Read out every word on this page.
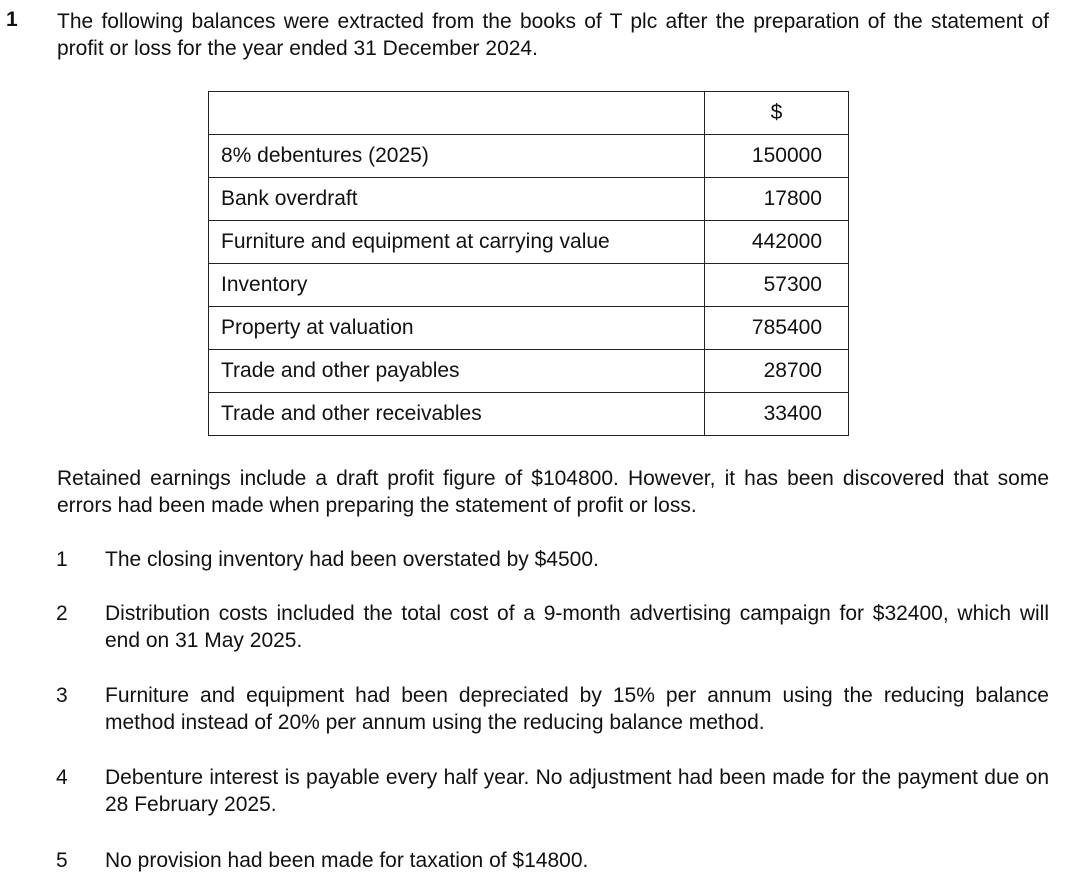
1 The following balances were extracted from the books of T plc after the preparation of the statement of profit or loss for the year ended 31 December 2024.
	$
8% debentures (2025)	150000
Bank overdraft	17800
Furniture and equipment at carrying value	442000
Inventory	57300
Property at valuation	785400
Trade and other payables	28700
Trade and other receivables	33400
Retained earnings include a draft profit figure of $104800. However, it has been discovered that some errors had been made when preparing the statement of profit or loss.
1	The closing inventory had been overstated by $4500.
2	Distribution costs included the total cost of a 9-month advertising campaign for $32400, which will end on 31 May 2025.
3	Furniture and equipment had been depreciated by 15% per annum using the reducing balance method instead of 20% per annum using the reducing balance method.
4	Debenture interest is payable every half year. No adjustment had been made for the payment due on 28 February 2025.
5	No provision had been made for taxation of $14800.
